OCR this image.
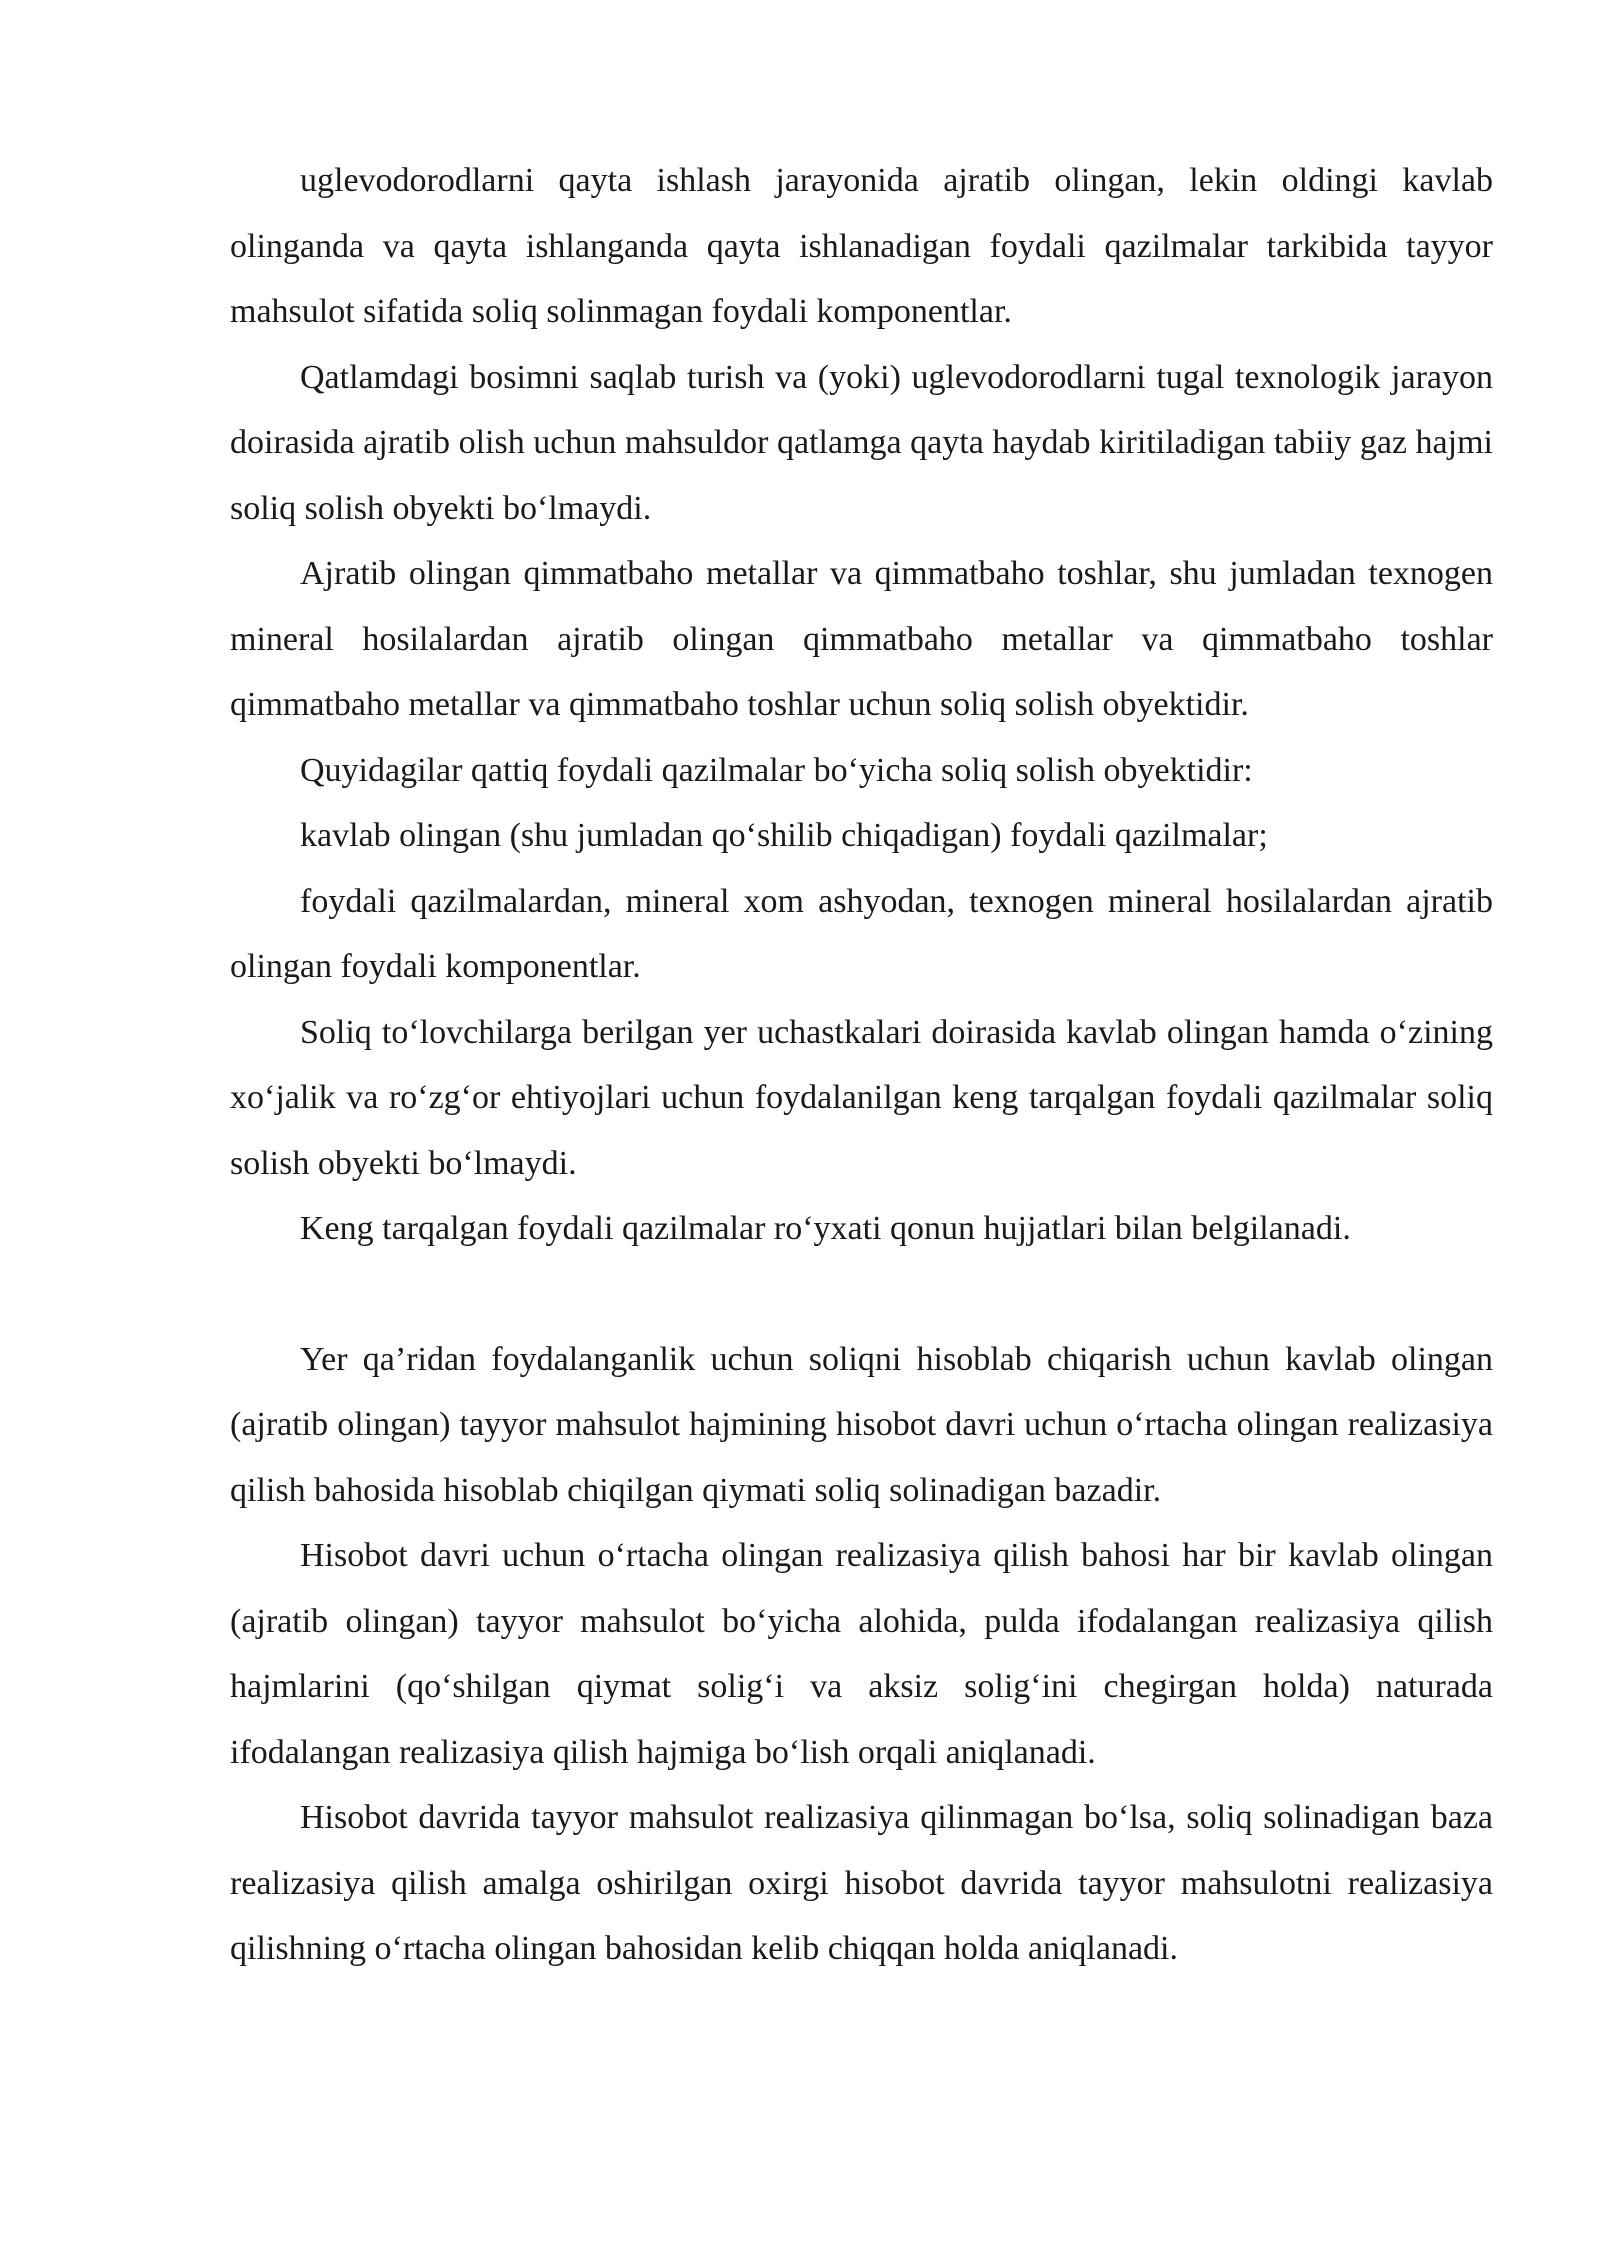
uglevodorodlarni qayta ishlash jarayonida ajratib olingan, lekin oldingi kavlab olinganda va qayta ishlanganda qayta ishlanadigan foydali qazilmalar tarkibida tayyor mahsulot sifatida soliq solinmagan foydali komponentlar.

Qatlamdagi bosimni saqlab turish va (yoki) uglevodorodlarni tugal texnologik jarayon doirasida ajratib olish uchun mahsuldor qatlamga qayta haydab kiritiladigan tabiiy gaz hajmi soliq solish obyekti bo‘lmaydi.

Ajratib olingan qimmatbaho metallar va qimmatbaho toshlar, shu jumladan texnogen mineral hosilalardan ajratib olingan qimmatbaho metallar va qimmatbaho toshlar qimmatbaho metallar va qimmatbaho toshlar uchun soliq solish obyektidir.

Quyidagilar qattiq foydali qazilmalar bo‘yicha soliq solish obyektidir:

kavlab olingan (shu jumladan qo‘shilib chiqadigan) foydali qazilmalar;

foydali qazilmalardan, mineral xom ashyodan, texnogen mineral hosilalardan ajratib olingan foydali komponentlar.

Soliq to‘lovchilarga berilgan yer uchastkalari doirasida kavlab olingan hamda o‘zining xo‘jalik va ro‘zg‘or ehtiyojlari uchun foydalanilgan keng tarqalgan foydali qazilmalar soliq solish obyekti bo‘lmaydi.

Keng tarqalgan foydali qazilmalar ro‘yxati qonun hujjatlari bilan belgilanadi.

Yer qa’ridan foydalanganlik uchun soliqni hisoblab chiqarish uchun kavlab olingan (ajratib olingan) tayyor mahsulot hajmining hisobot davri uchun o‘rtacha olingan realizasiya qilish bahosida hisoblab chiqilgan qiymati soliq solinadigan bazadir.

Hisobot davri uchun o‘rtacha olingan realizasiya qilish bahosi har bir kavlab olingan (ajratib olingan) tayyor mahsulot bo‘yicha alohida, pulda ifodalangan realizasiya qilish hajmlarini (qo‘shilgan qiymat solig‘i va aksiz solig‘ini chegirgan holda) naturada ifodalangan realizasiya qilish hajmiga bo‘lish orqali aniqlanadi.

Hisobot davrida tayyor mahsulot realizasiya qilinmagan bo‘lsa, soliq solinadigan baza realizasiya qilish amalga oshirilgan oxirgi hisobot davrida tayyor mahsulotni realizasiya qilishning o‘rtacha olingan bahosidan kelib chiqqan holda aniqlanadi.
